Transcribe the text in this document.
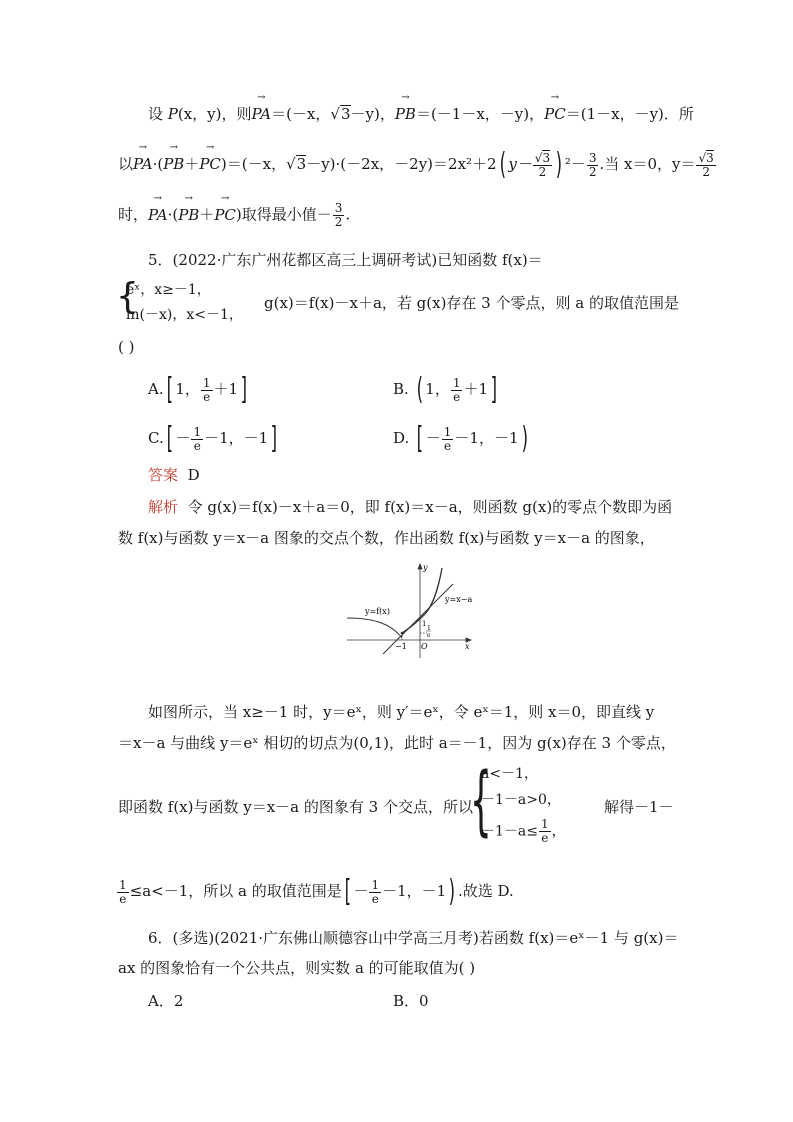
设 P(x，y)，则→ PA＝(－x，√3－y)，→ PB＝(－1－x，－y)，→ PC＝(1－x，－y)．所
以→ PA·(→ PB＋→ PC)＝(－x，√3－y)·(－2x，－2y)＝2x²＋2( $y- \frac{√3}{2}$ ) $^2- \frac{3}{2}$ .当 x＝0，$y= \frac{√3}{2}$
时，→ PA·(→ PB＋→ PC)取得最小值－ $\frac{3}{2}$ .
5．(2022·广东广州花都区高三上调研考试)已知函数 f(x)＝
{
eˣ，x≥－1，
ln(－x)，x<－1，
g(x)＝f(x)－x＋a，若 g(x)存在 3 个零点，则 a 的取值范围是
( )
A.[ 1， $\frac{1}{e} +1$]	B. ( 1， $\frac{1}{e} +1$]
$C.[ - \frac{1}{e} -1$，－1]	D. [ － $\frac{1}{e} -1$，－1)
答案 D
解析 令 g(x)＝f(x)－x＋a＝0，即 f(x)＝x－a，则函数 g(x)的零点个数即为函
数 f(x)与函数 y＝x－a 图象的交点个数，作出函数 f(x)与函数 y＝x－a 的图象，
y=f(x)
y=x−a
y
x
O
−1
1
1
e
如图所示，当 x≥－1 时，y＝eˣ，则 y′＝eˣ，令 eˣ＝1，则 x＝0，即直线 y
＝x－a 与曲线 y＝eˣ 相切的切点为(0,1)，此时 a＝－1，因为 g(x)存在 3 个零点，
即函数 f(x)与函数 y＝x－a 的图象有 3 个交点，所以
{
a<－1，
－1－a>0，
$-1-a\le \frac{1}{e}$ ，
解得－1－
$\frac{1}{e} \le a<-1$，所以 a 的取值范围是[ － $\frac{1}{e} -1$，－1) .故选 D.
6．(多选)(2021·广东佛山顺德容山中学高三月考)若函数 f(x)＝eˣ－1 与 g(x)＝
ax 的图象恰有一个公共点，则实数 a 的可能取值为( )
A．2	B．0
